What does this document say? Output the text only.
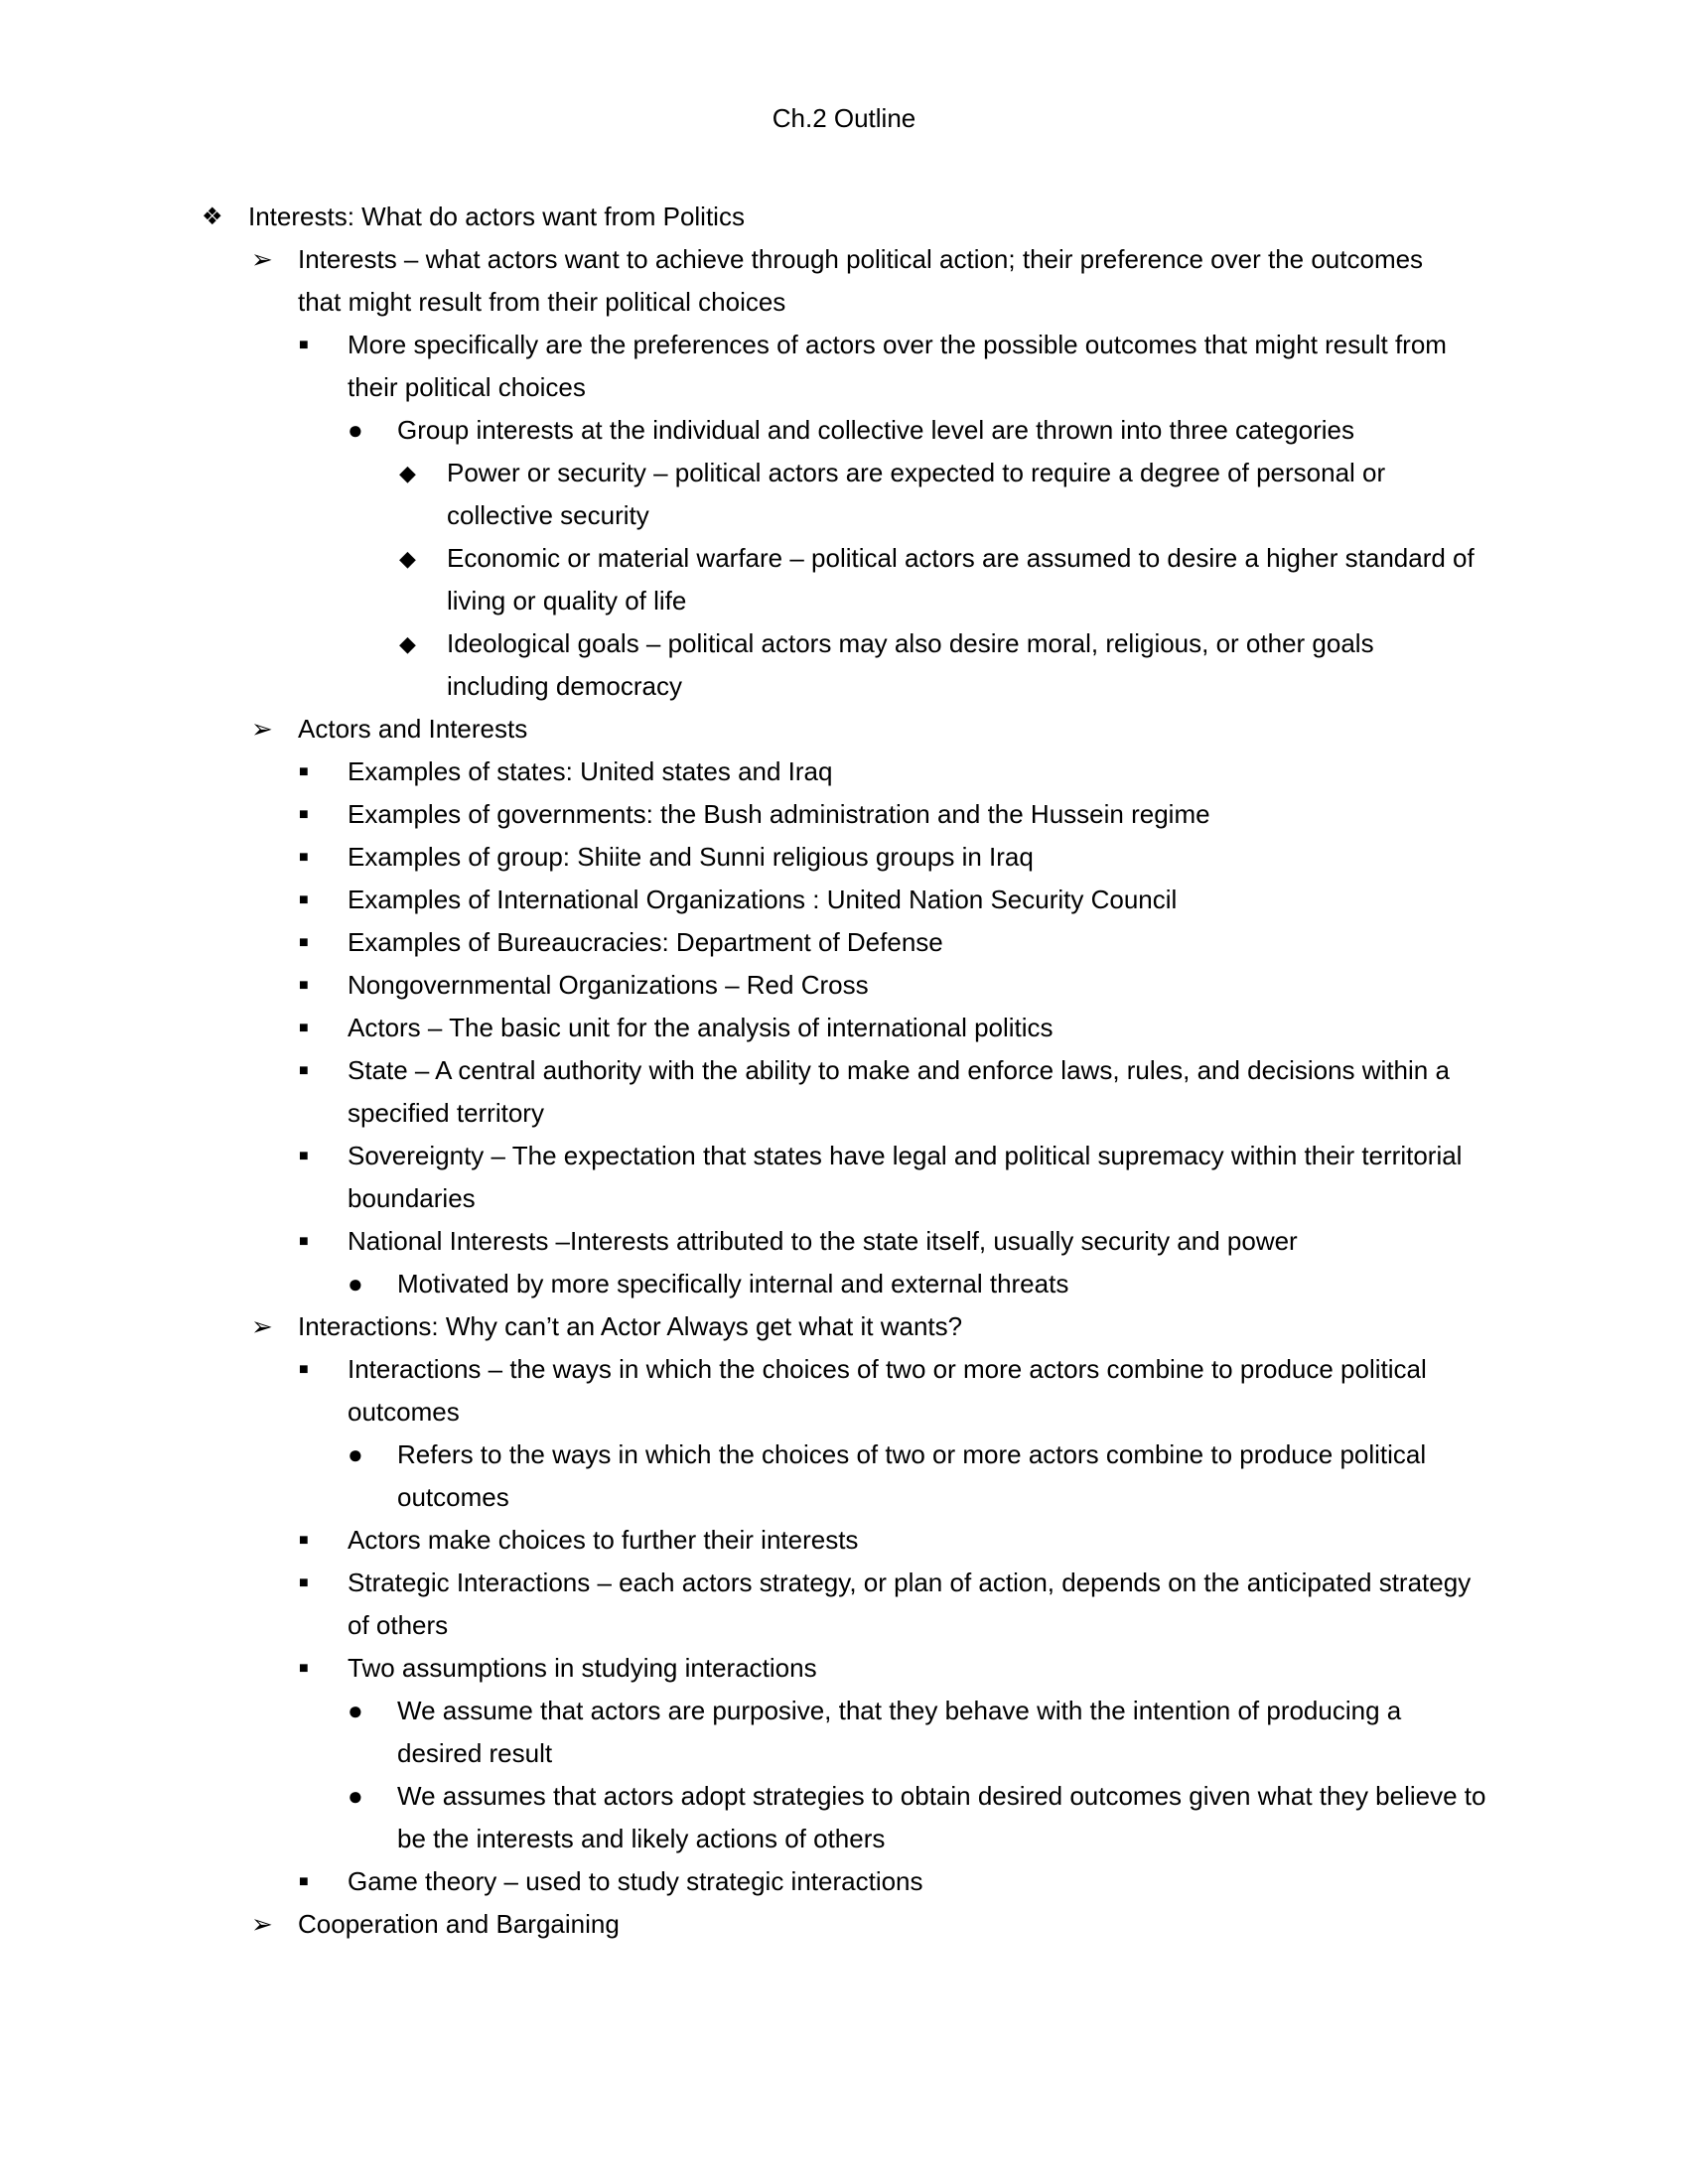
Ch.2 Outline
❖ Interests: What do actors want from Politics
➢ Interests – what actors want to achieve through political action; their preference over the outcomes that might result from their political choices
■	More specifically are the preferences of actors over the possible outcomes that might result from their political choices
●	Group interests at the individual and collective level are thrown into three categories
◆	Power or security – political actors are expected to require a degree of personal or collective security
◆	Economic or material warfare – political actors are assumed to desire a higher standard of living or quality of life
◆	Ideological goals – political actors may also desire moral, religious, or other goals including democracy
➢ Actors and Interests
■	Examples of states: United states and Iraq
■	Examples of governments: the Bush administration and the Hussein regime
■	Examples of group: Shiite and Sunni religious groups in Iraq
■	Examples of International Organizations : United Nation Security Council
■	Examples of Bureaucracies: Department of Defense
■	Nongovernmental Organizations – Red Cross
■	Actors – The basic unit for the analysis of international politics
■	State – A central authority with the ability to make and enforce laws, rules, and decisions within a specified territory
■	Sovereignty – The expectation that states have legal and political supremacy within their territorial boundaries
■	National Interests –Interests attributed to the state itself, usually security and power
●	Motivated by more specifically internal and external threats
➢ Interactions: Why can’t an Actor Always get what it wants?
■	Interactions – the ways in which the choices of two or more actors combine to produce political outcomes
●	Refers to the ways in which the choices of two or more actors combine to produce political outcomes
■	Actors make choices to further their interests
■	Strategic Interactions – each actors strategy, or plan of action, depends on the anticipated strategy of others
■	Two assumptions in studying interactions
●	We assume that actors are purposive, that they behave with the intention of producing a desired result
●	We assumes that actors adopt strategies to obtain desired outcomes given what they believe to be the interests and likely actions of others
■	Game theory – used to study strategic interactions
➢ Cooperation and Bargaining
